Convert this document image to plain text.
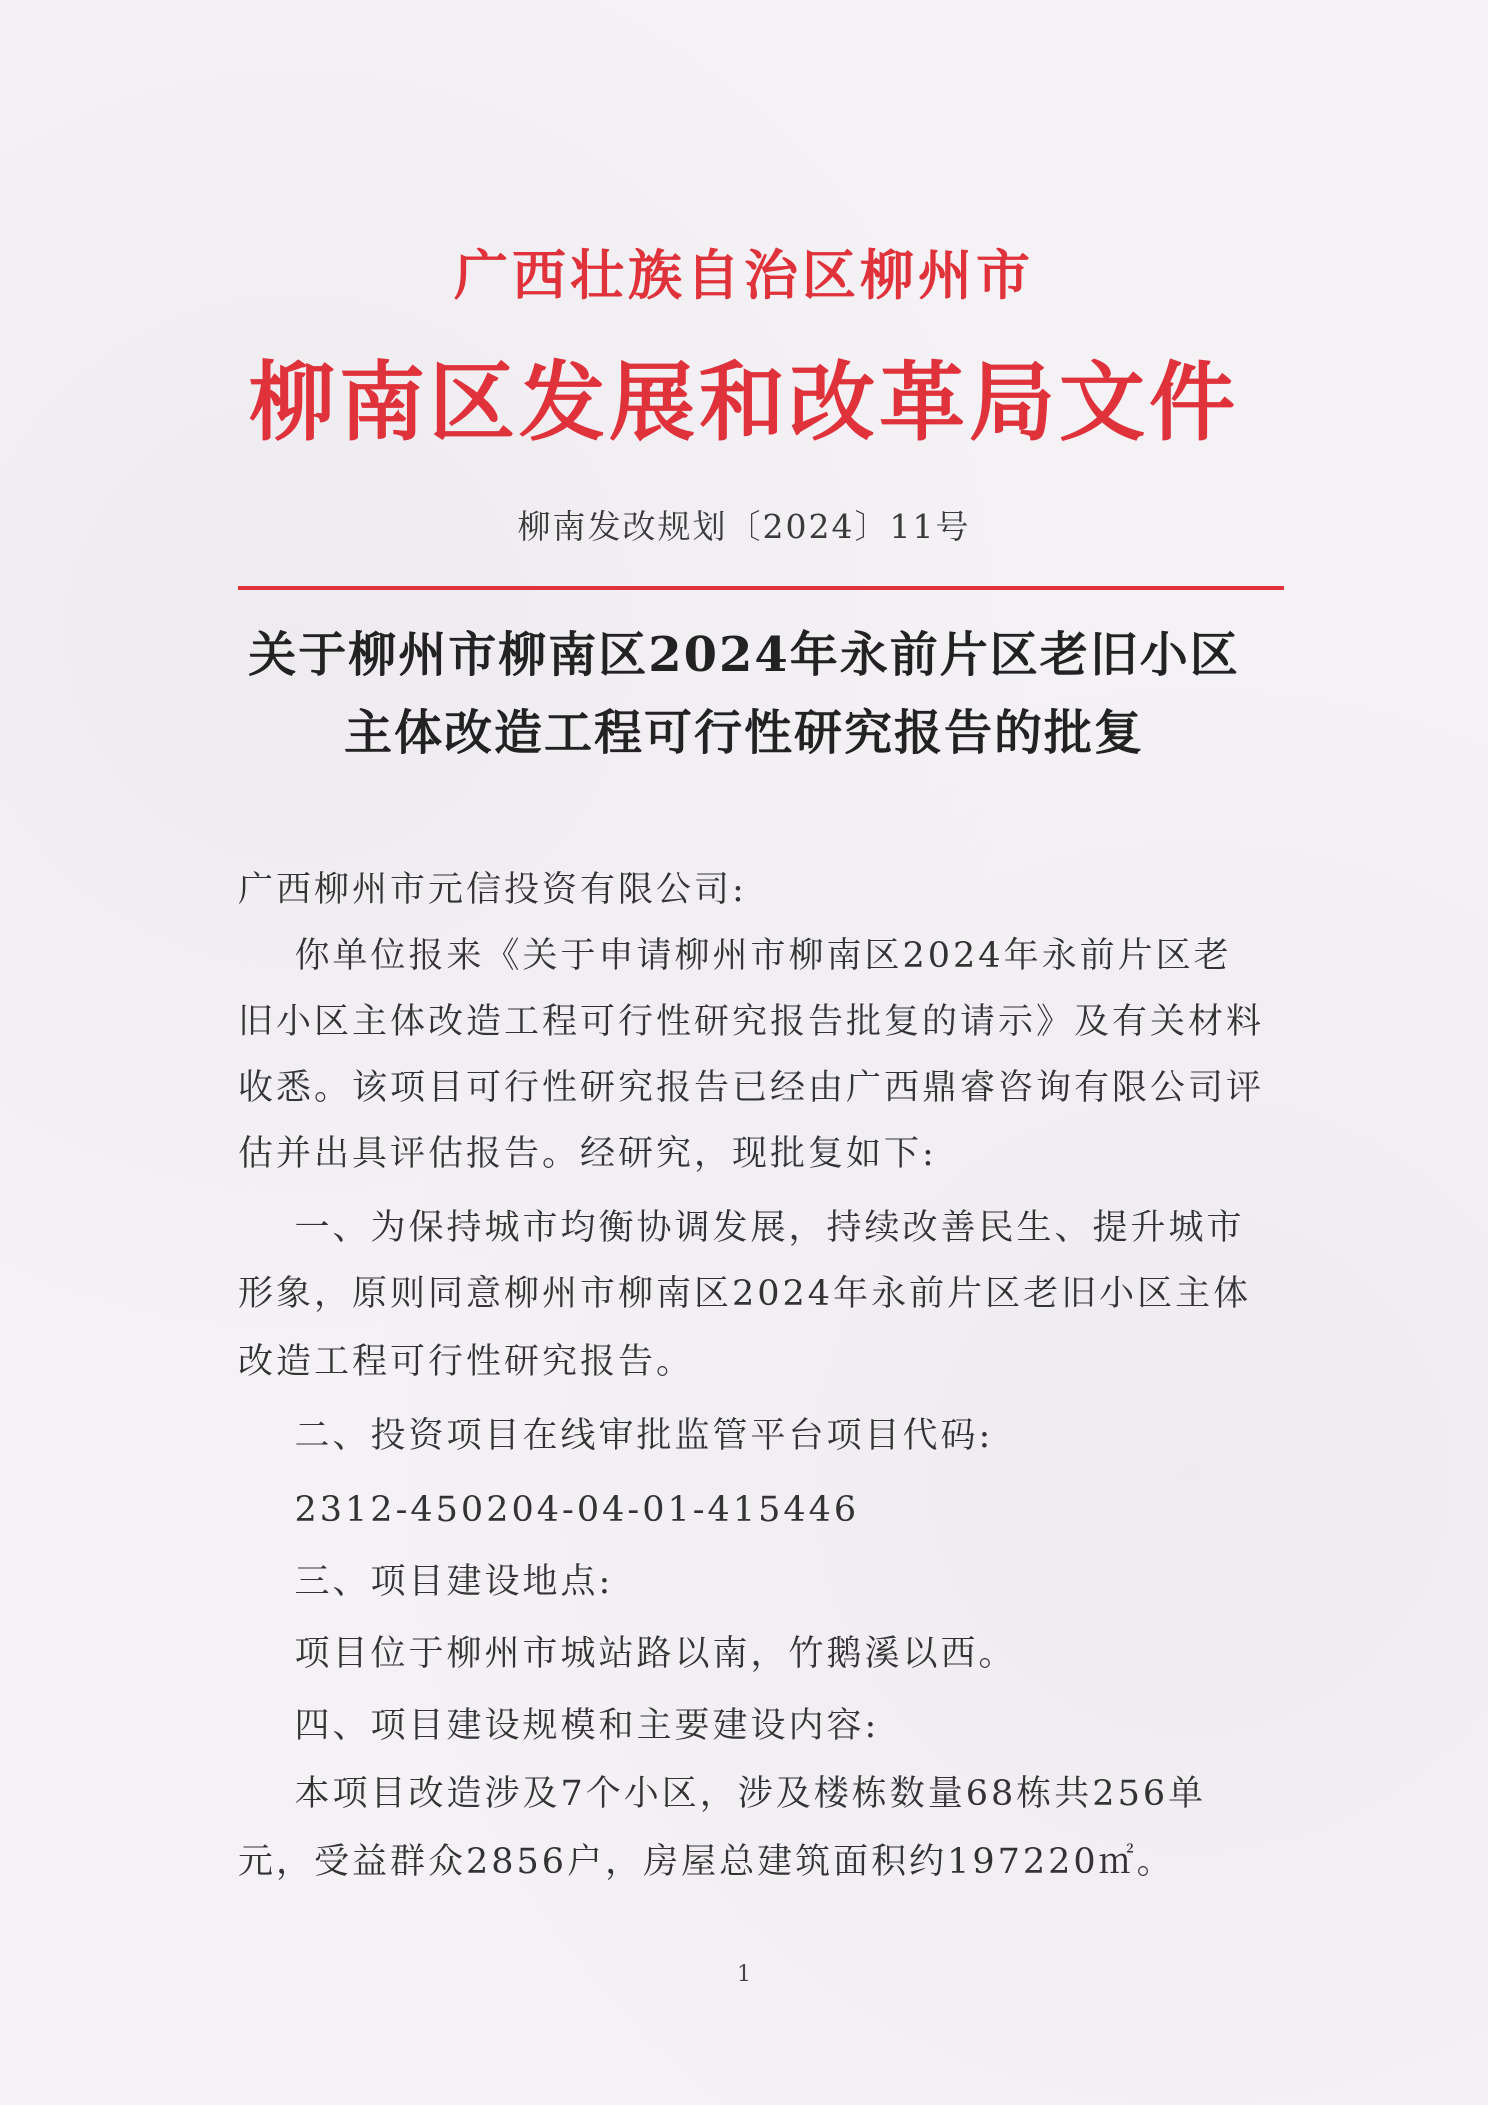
广西壮族自治区柳州市
柳南区发展和改革局文件
柳南发改规划〔2024〕11号
关于柳州市柳南区2024年永前片区老旧小区
主体改造工程可行性研究报告的批复
广西柳州市元信投资有限公司:
你单位报来《关于申请柳州市柳南区2024年永前片区老
旧小区主体改造工程可行性研究报告批复的请示》及有关材料
收悉。该项目可行性研究报告已经由广西鼎睿咨询有限公司评
估并出具评估报告。经研究，现批复如下:
一、为保持城市均衡协调发展，持续改善民生、提升城市
形象，原则同意柳州市柳南区2024年永前片区老旧小区主体
改造工程可行性研究报告。
二、投资项目在线审批监管平台项目代码:
2312-450204-04-01-415446
三、项目建设地点:
项目位于柳州市城站路以南，竹鹅溪以西。
四、项目建设规模和主要建设内容:
本项目改造涉及7个小区，涉及楼栋数量68栋共256单
元，受益群众2856户，房屋总建筑面积约197220㎡。
1
